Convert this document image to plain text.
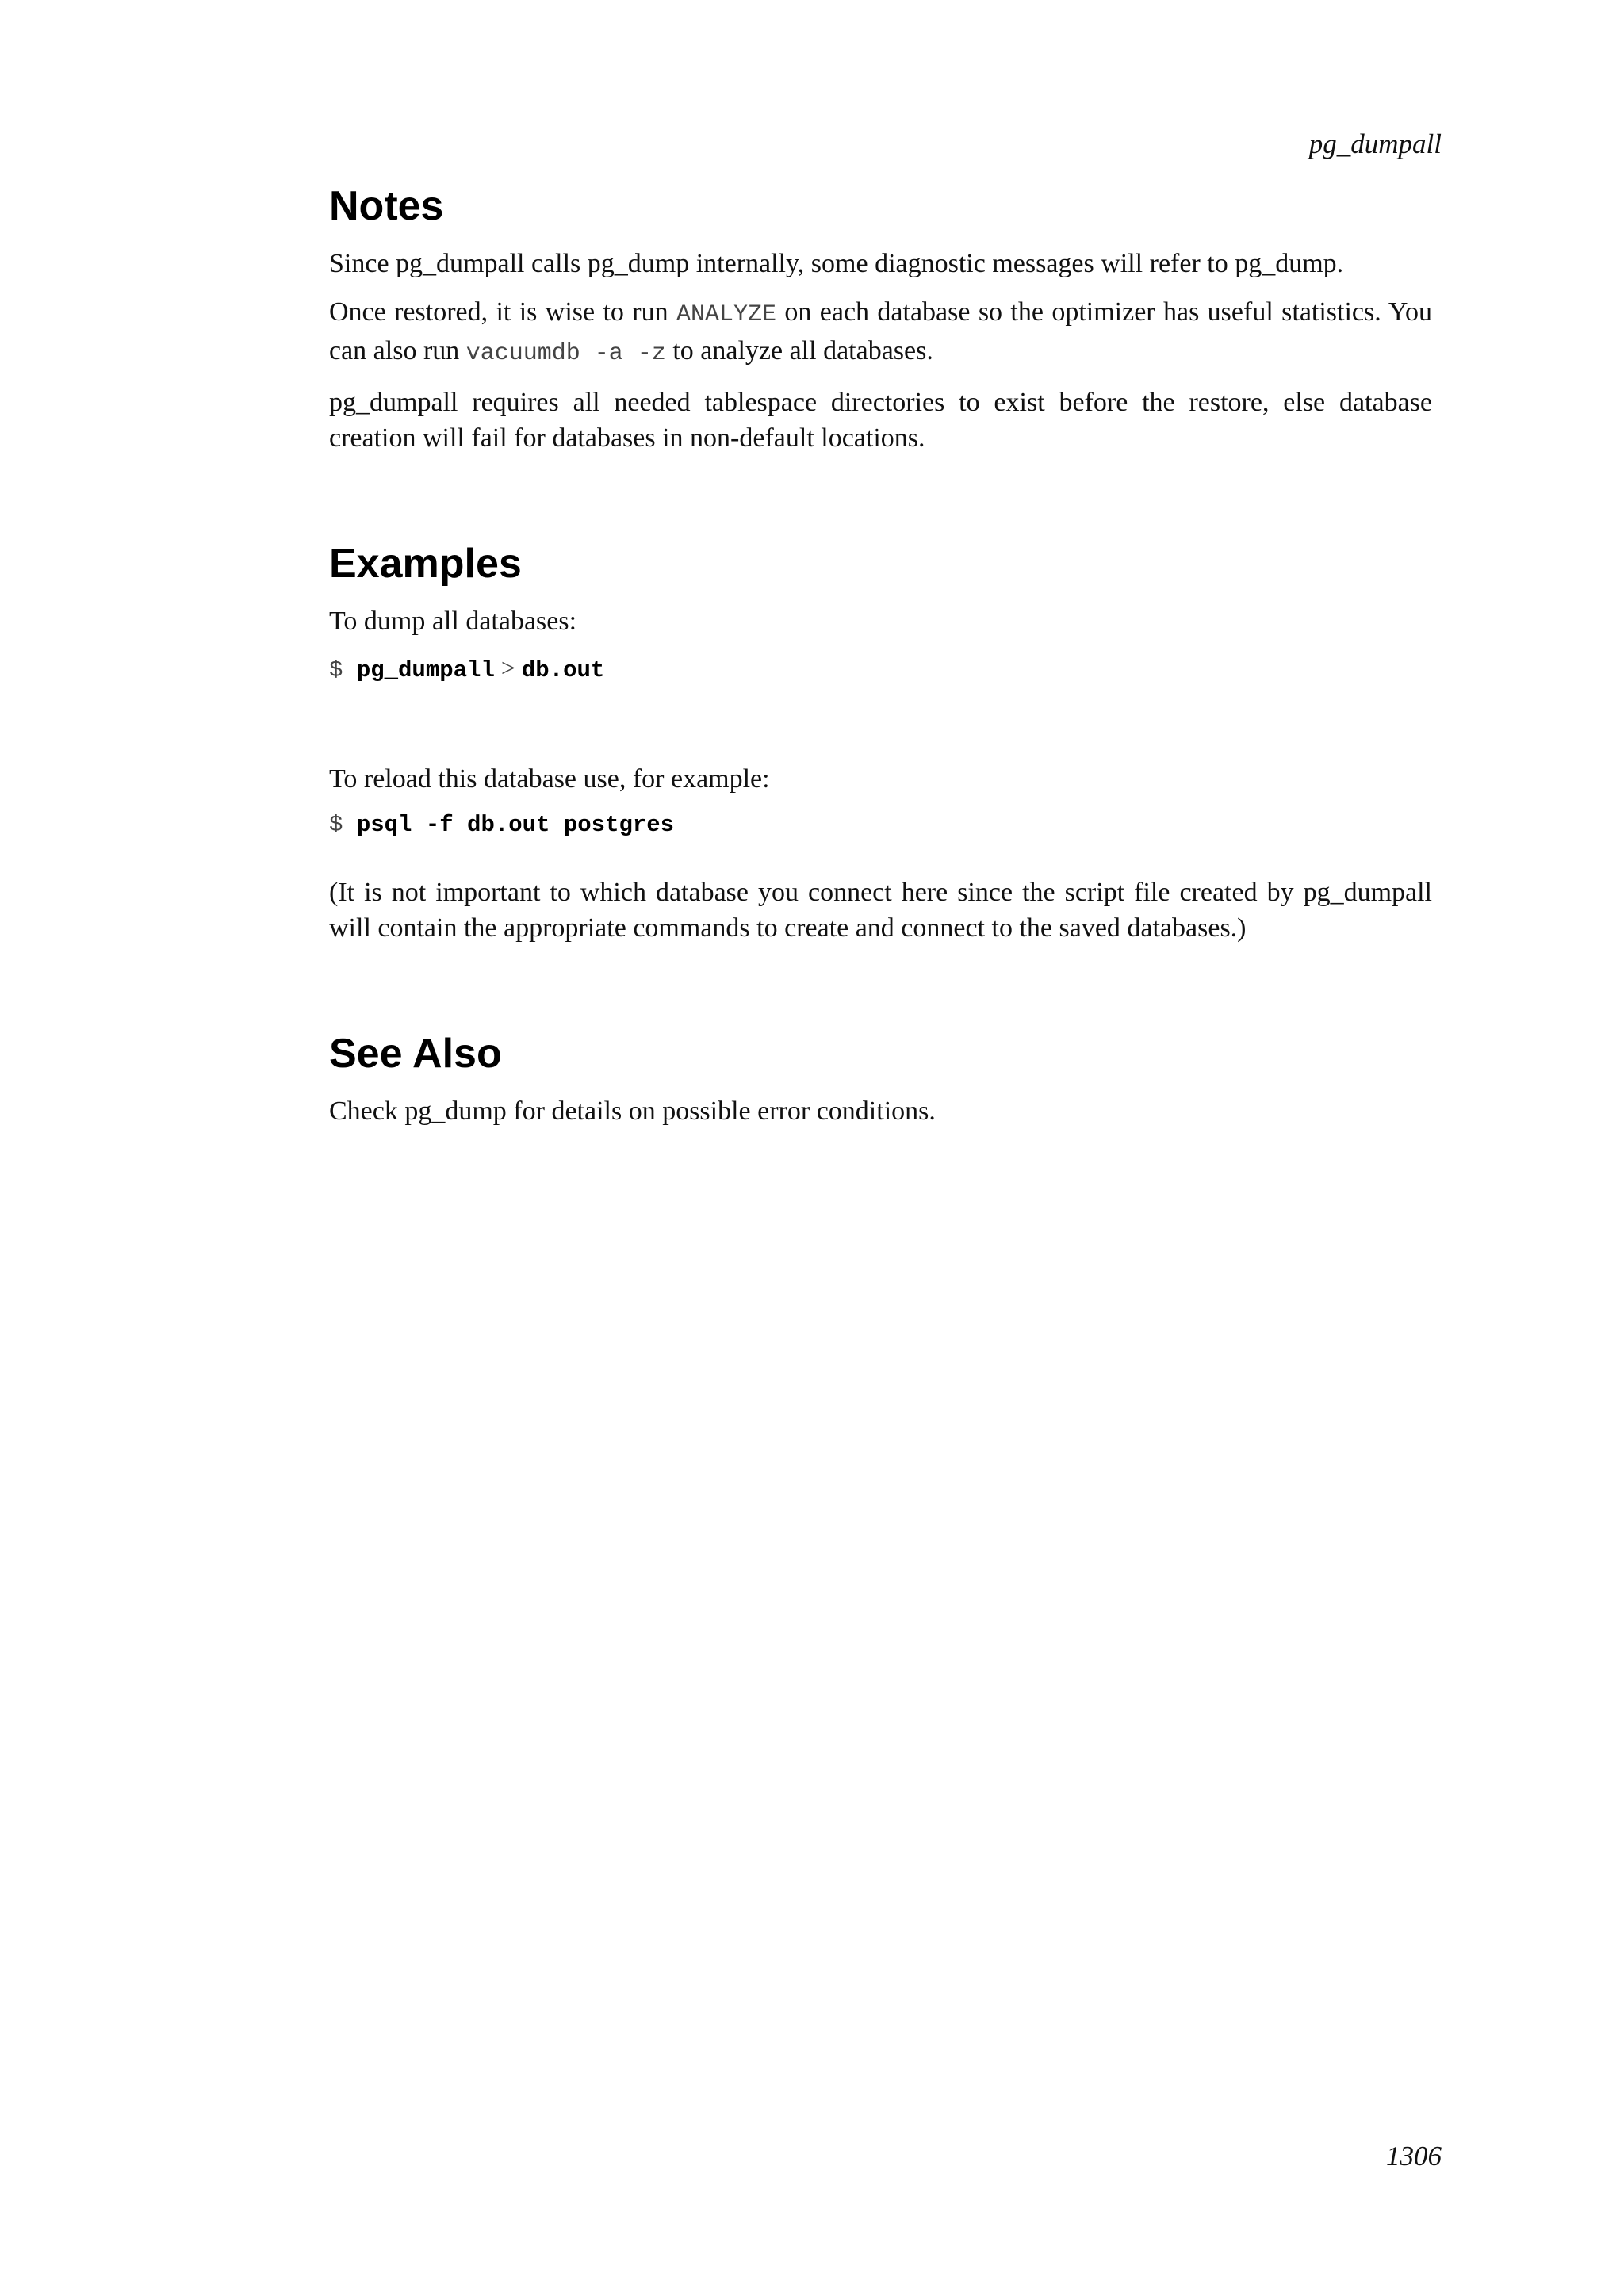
pg_dumpall
Notes

Since pg_dumpall calls pg_dump internally, some diagnostic messages will refer to pg_dump.

Once restored, it is wise to run ANALYZE on each database so the optimizer has useful statistics. You can also run vacuumdb -a -z to analyze all databases.

pg_dumpall requires all needed tablespace directories to exist before the restore, else database creation will fail for databases in non-default locations.

Examples

To dump all databases:

$ pg_dumpall > db.out

To reload this database use, for example:

$ psql -f db.out postgres

(It is not important to which database you connect here since the script file created by pg_dumpall will contain the appropriate commands to create and connect to the saved databases.)

See Also

Check pg_dump for details on possible error conditions.

1306
